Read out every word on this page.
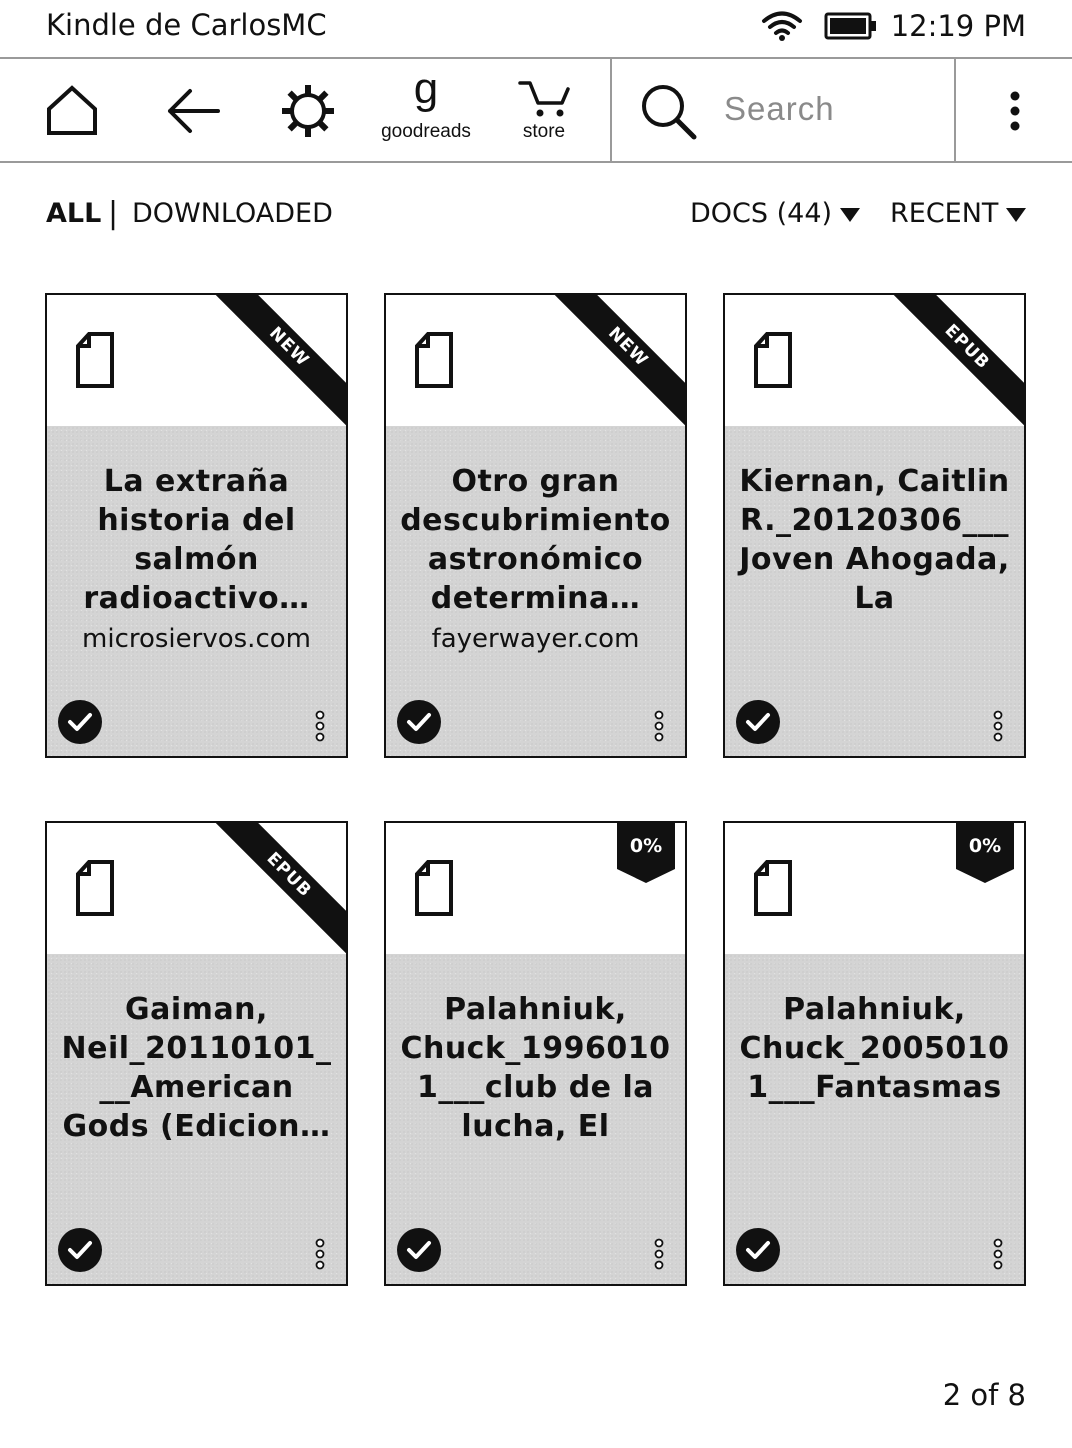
Kindle de CarlosMC	12:19 PM
g
goodreads	store
Search
ALL | DOWNLOADED	DOCS (44)	RECENT
La extraña historia del salmón radioactivo…
microsiervos.com
NEW
Otro gran descubrimiento astronómico determina…
fayerwayer.com
NEW
Kiernan, Caitlin R._20120306___ Joven Ahogada, La
EPUB
Gaiman, Neil_20110101_ __American Gods (Edicion…
EPUB
Palahniuk, Chuck_1996010 1___club de la lucha, El
0%
Palahniuk, Chuck_2005010 1___Fantasmas
0%
2 of 8
